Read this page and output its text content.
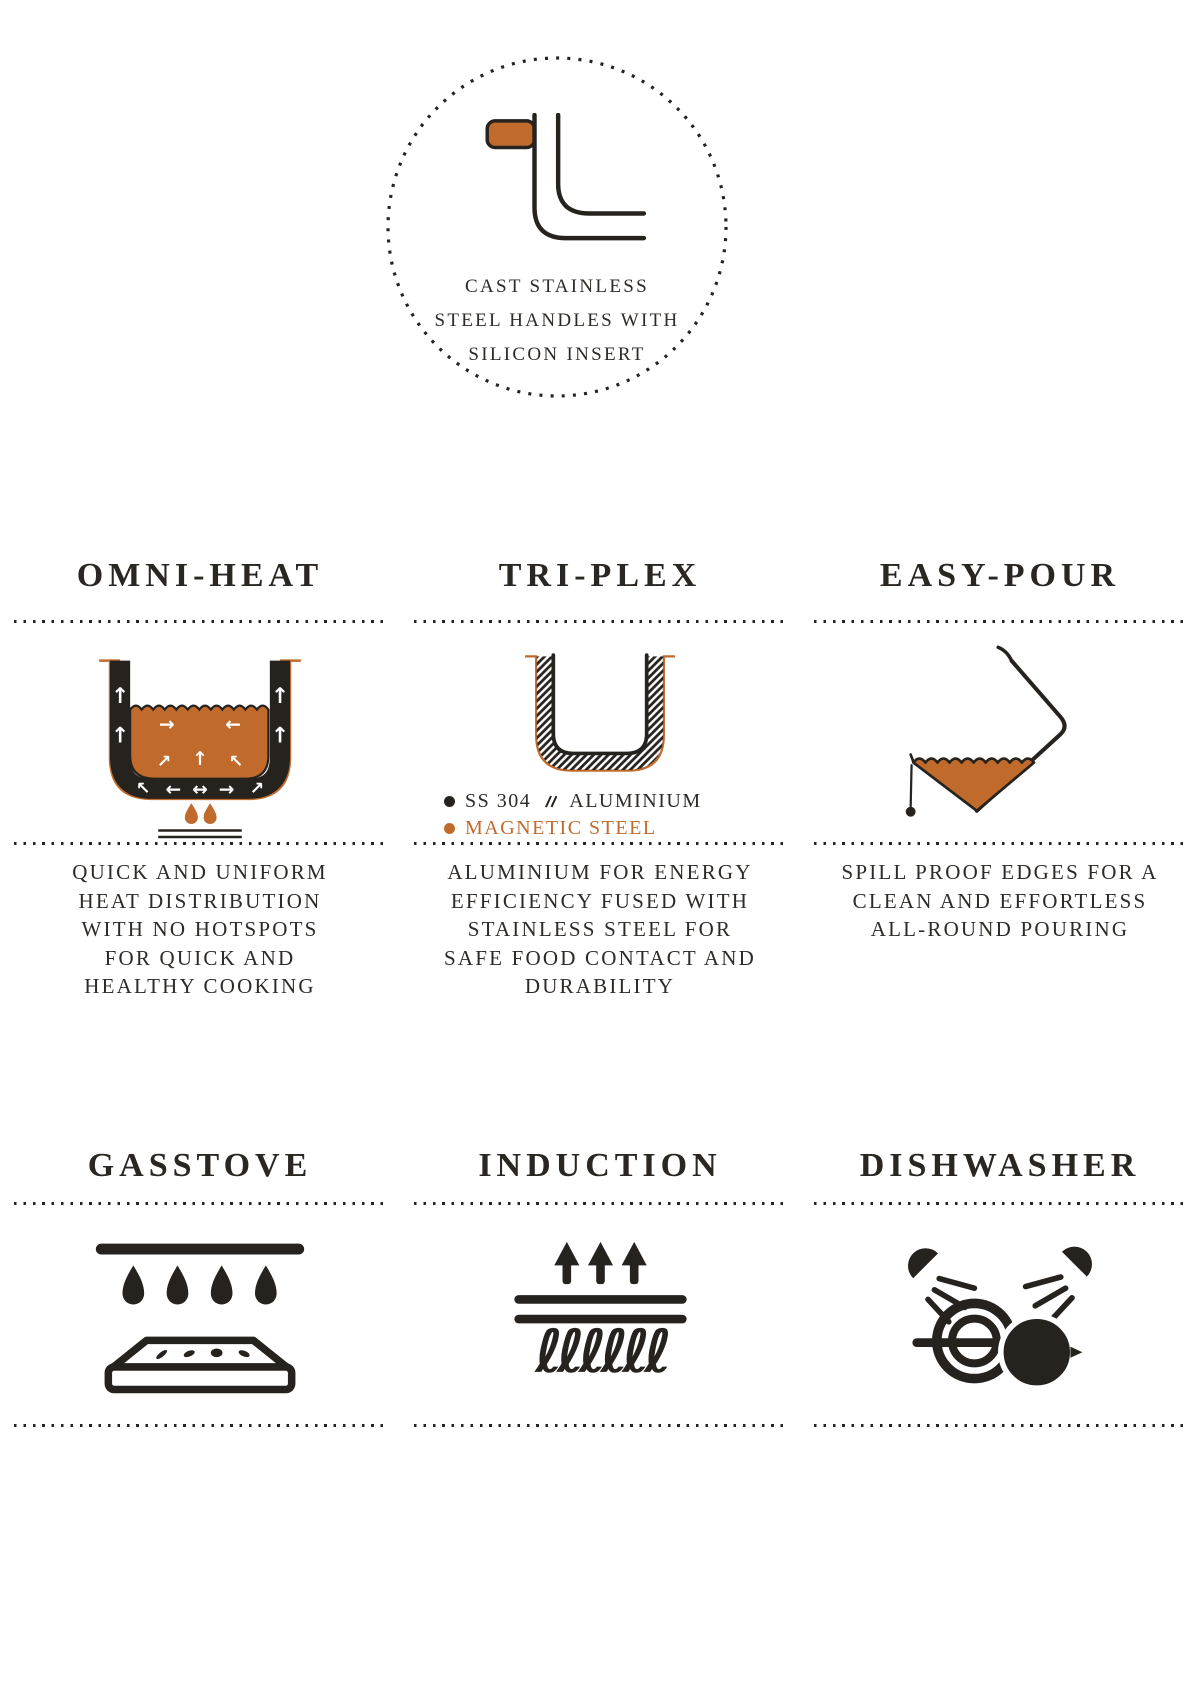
CAST STAINLESS
STEEL HANDLES WITH
SILICON INSERT
OMNI-HEAT
↑
↑
↑
↑
↖ ← ↔ → ↗
→ ←
↗ ↑ ↖
QUICK AND UNIFORM
HEAT DISTRIBUTION
WITH NO HOTSPOTS
FOR QUICK AND
HEALTHY COOKING
TRI-PLEX
SS 304 ALUMINIUM
MAGNETIC STEEL
ALUMINIUM FOR ENERGY
EFFICIENCY FUSED WITH
STAINLESS STEEL FOR
SAFE FOOD CONTACT AND
DURABILITY
EASY-POUR
SPILL PROOF EDGES FOR A
CLEAN AND EFFORTLESS
ALL-ROUND POURING
GASSTOVE	INDUCTION
ℓℓℓℓℓℓ
DISHWASHER
